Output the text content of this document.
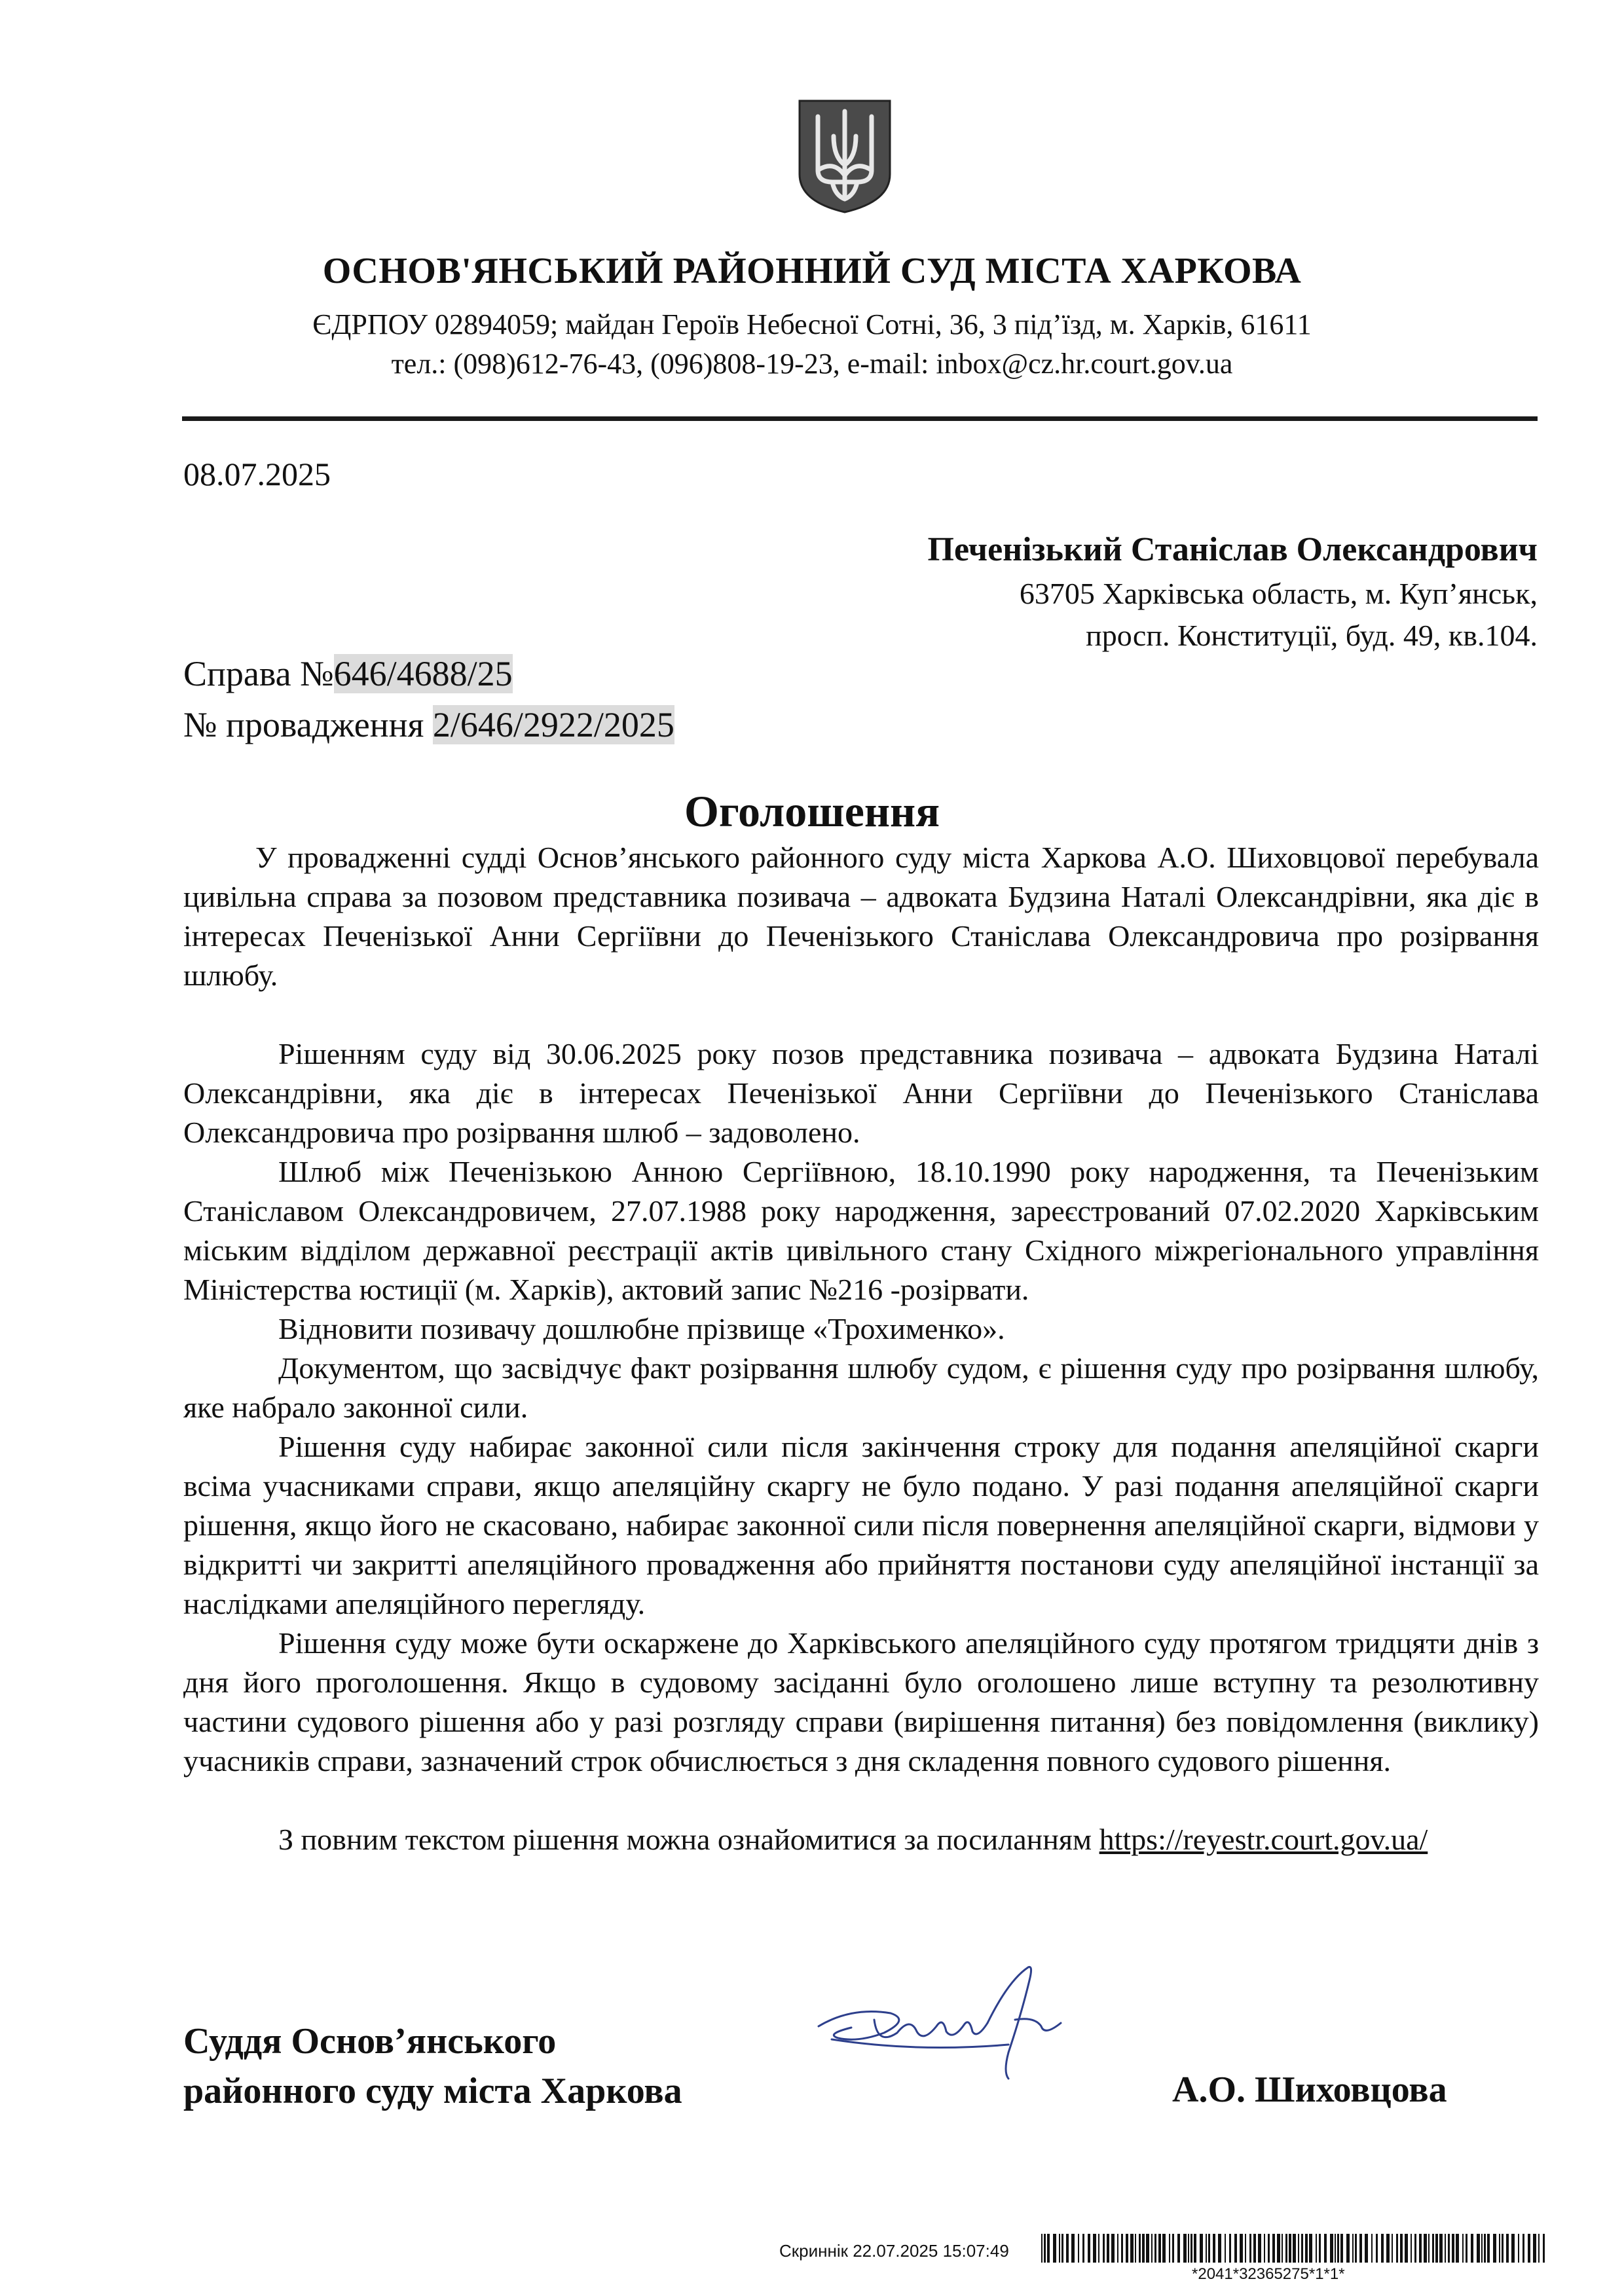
ОСНОВ'ЯНСЬКИЙ РАЙОННИЙ СУД МІСТА ХАРКОВА
ЄДРПОУ 02894059; майдан Героїв Небесної Сотні, 36, 3 під’їзд, м. Харків, 61611
тел.: (098)612-76-43, (096)808-19-23, e-mail: inbox@cz.hr.court.gov.ua
08.07.2025
Печенізький Станіслав Олександрович
63705 Харківська область, м. Куп’янськ,
просп. Конституції, буд. 49, кв.104.
Справа №646/4688/25
№ провадження 2/646/2922/2025
Оголошення

У провадженні судді Основ’янського районного суду міста Харкова А.О. Шиховцової перебувала цивільна справа за позовом представника позивача – адвоката Будзина Наталі Олександрівни, яка діє в інтересах Печенізької Анни Сергіївни до Печенізького Станіслава Олександровича про розірвання шлюбу.

Рішенням суду від 30.06.2025 року позов представника позивача – адвоката Будзина Наталі Олександрівни, яка діє в інтересах Печенізької Анни Сергіївни до Печенізького Станіслава Олександровича про розірвання шлюб – задоволено.

Шлюб між Печенізькою Анною Сергіївною, 18.10.1990 року народження, та Печенізьким Станіславом Олександровичем, 27.07.1988 року народження, зареєстрований 07.02.2020 Харківським міським відділом державної реєстрації актів цивільного стану Східного міжрегіонального управління Міністерства юстиції (м. Харків), актовий запис №216 -розірвати.

Відновити позивачу дошлюбне прізвище «Трохименко».

Документом, що засвідчує факт розірвання шлюбу судом, є рішення суду про розірвання шлюбу, яке набрало законної сили.

Рішення суду набирає законної сили після закінчення строку для подання апеляційної скарги всіма учасниками справи, якщо апеляційну скаргу не було подано. У разі подання апеляційної скарги рішення, якщо його не скасовано, набирає законної сили після повернення апеляційної скарги, відмови у відкритті чи закритті апеляційного провадження або прийняття постанови суду апеляційної інстанції за наслідками апеляційного перегляду.

Рішення суду може бути оскаржене до Харківського апеляційного суду протягом тридцяти днів з дня його проголошення. Якщо в судовому засіданні було оголошено лише вступну та резолютивну частини судового рішення або у разі розгляду справи (вирішення питання) без повідомлення (виклику) учасників справи, зазначений строк обчислюється з дня складення повного судового рішення.

З повним текстом рішення можна ознайомитися за посиланням https://reyestr.court.gov.ua/

Суддя Основ’янського
районного суду міста Харкова	А.О. Шиховцова
Скриннік 22.07.2025 15:07:49
*2041*32365275*1*1*
